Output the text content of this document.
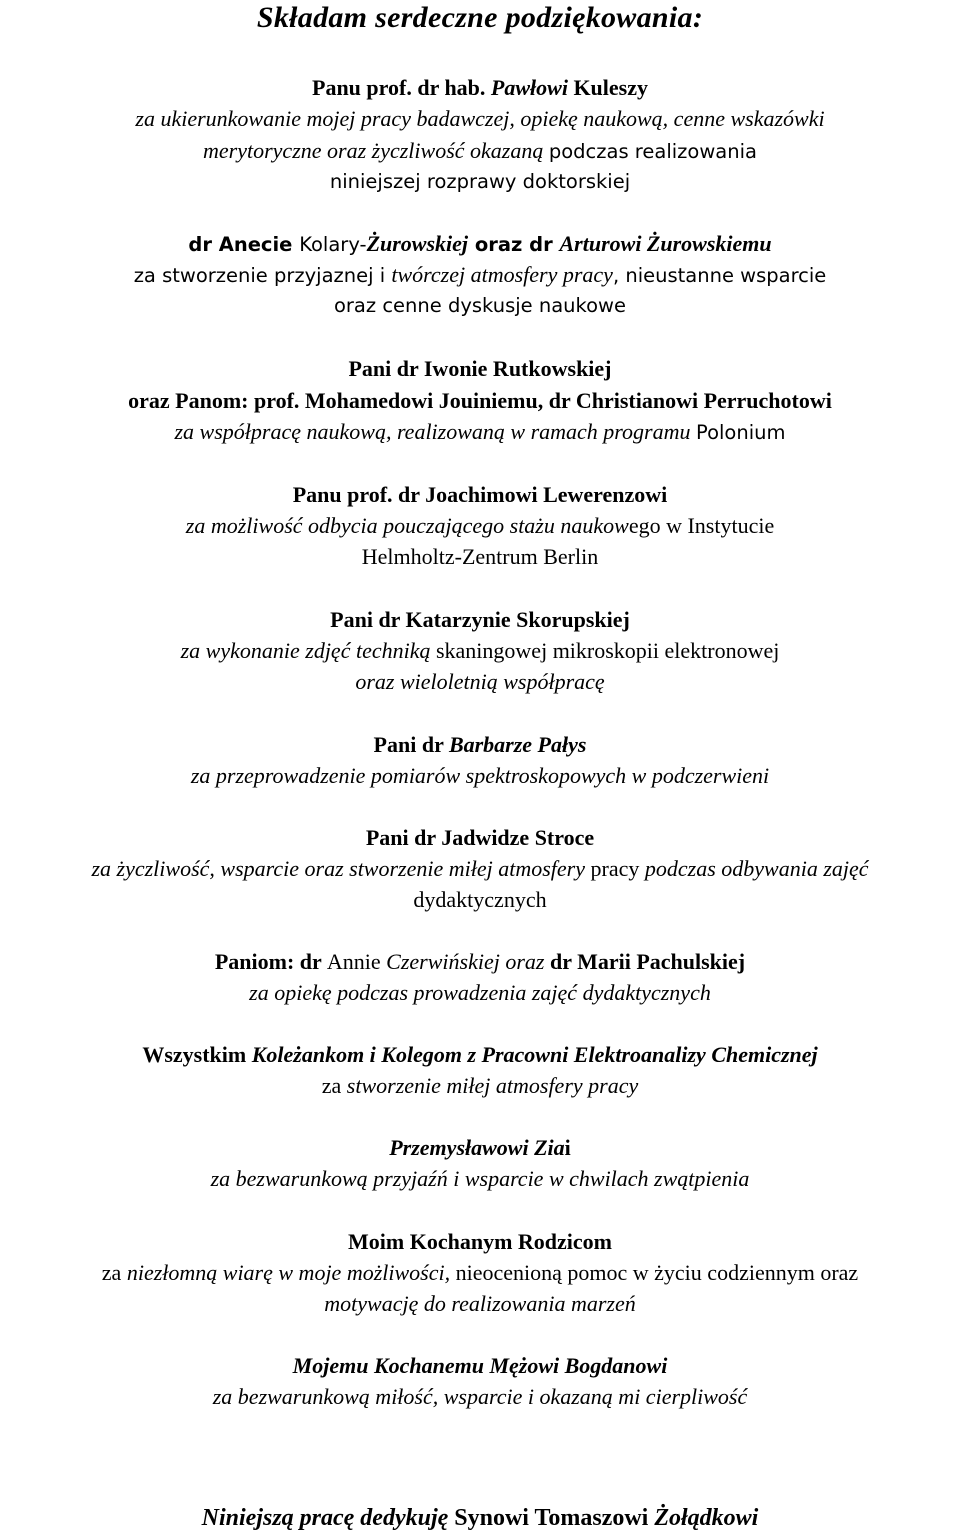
Składam serdeczne podziękowania:
Panu prof. dr hab. Pawłowi Kuleszy
za ukierunkowanie mojej pracy badawczej, opiekę naukową, cenne wskazówki
merytoryczne oraz życzliwość okazaną podczas realizowania
niniejszej rozprawy doktorskiej
dr Anecie Kolary-Żurowskiej oraz dr Arturowi Żurowskiemu
za stworzenie przyjaznej i twórczej atmosfery pracy, nieustanne wsparcie
oraz cenne dyskusje naukowe
Pani dr Iwonie Rutkowskiej
oraz Panom: prof. Mohamedowi Jouiniemu, dr Christianowi Perruchotowi
za współpracę naukową, realizowaną w ramach programu Polonium
Panu prof. dr Joachimowi Lewerenzowi
za możliwość odbycia pouczającego stażu naukowego w Instytucie
Helmholtz-Zentrum Berlin
Pani dr Katarzynie Skorupskiej
za wykonanie zdjęć techniką skaningowej mikroskopii elektronowej
oraz wieloletnią współpracę
Pani dr Barbarze Pałys
za przeprowadzenie pomiarów spektroskopowych w podczerwieni
Pani dr Jadwidze Stroce
za życzliwość, wsparcie oraz stworzenie miłej atmosfery pracy podczas odbywania zajęć
dydaktycznych
Paniom: dr Annie Czerwińskiej oraz dr Marii Pachulskiej
za opiekę podczas prowadzenia zajęć dydaktycznych
Wszystkim Koleżankom i Kolegom z Pracowni Elektroanalizy Chemicznej
za stworzenie miłej atmosfery pracy
Przemysławowi Ziai
za bezwarunkową przyjaźń i wsparcie w chwilach zwątpienia
Moim Kochanym Rodzicom
za niezłomną wiarę w moje możliwości, nieocenioną pomoc w życiu codziennym oraz
motywację do realizowania marzeń
Mojemu Kochanemu Mężowi Bogdanowi
za bezwarunkową miłość, wsparcie i okazaną mi cierpliwość
Niniejszą pracę dedykuję Synowi Tomaszowi Żołądkowi
